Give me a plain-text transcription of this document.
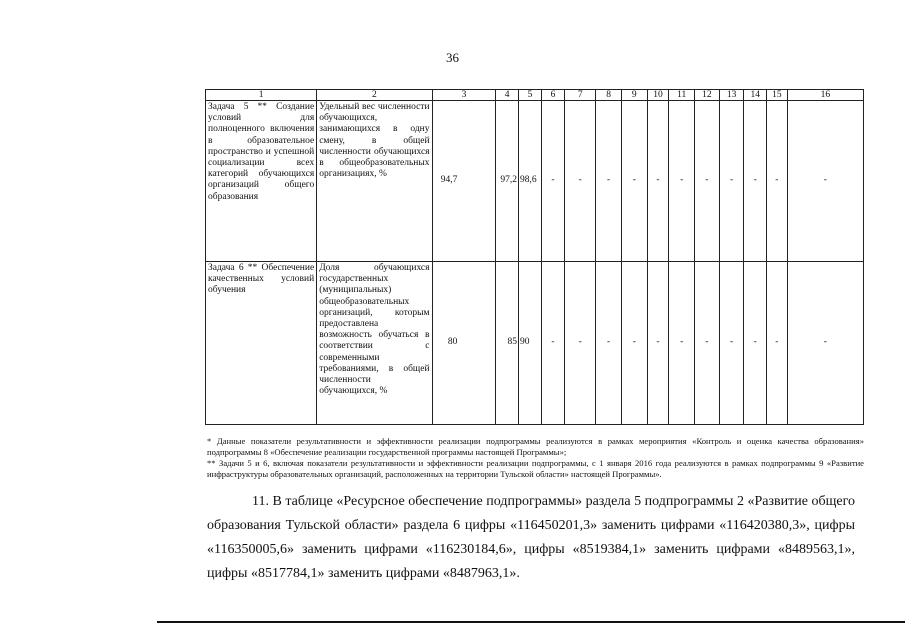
36
1	2	3	4	5	6	7	8	9	10	11	12	13	14	15	16

Задача 5 ** Создание условий для полноценного включения в образовательное пространство и успешной социализации всех категорий обучающихся организаций общего образования	Удельный вес численности обучающихся, занимающихся в одну смену, в общей численности обучающихся в общеобразовательных организациях, %	94,7	97,2	98,6	-	-	-	-	-	-	-	-	-	-	-

Задача 6 ** Обеспечение качественных условий обучения	Доля обучающихся государственных (муниципальных) общеобразовательных организаций, которым предоставлена возможность обучаться в соответствии с современными требованиями, в общей численности обучающихся, %	80	85	90	-	-	-	-	-	-	-	-	-	-	-

* Данные показатели результативности и эффективности реализации подпрограммы реализуются в рамках мероприятия «Контроль и оценка качества образования» подпрограммы 8 «Обеспечение реализации государственной программы настоящей Программы»;

** Задачи 5 и 6, включая показатели результативности и эффективности реализации подпрограммы, с 1 января 2016 года реализуются в рамках подпрограммы 9 «Развитие инфраструктуры образовательных организаций, расположенных на территории Тульской области» настоящей Программы».

11. В таблице «Ресурсное обеспечение подпрограммы» раздела 5 подпрограммы 2 «Развитие общего образования Тульской области» раздела 6 цифры «116450201,3» заменить цифрами «116420380,3», цифры «116350005,6» заменить цифрами «116230184,6», цифры «8519384,1» заменить цифрами «8489563,1», цифры «8517784,1» заменить цифрами «8487963,1».
